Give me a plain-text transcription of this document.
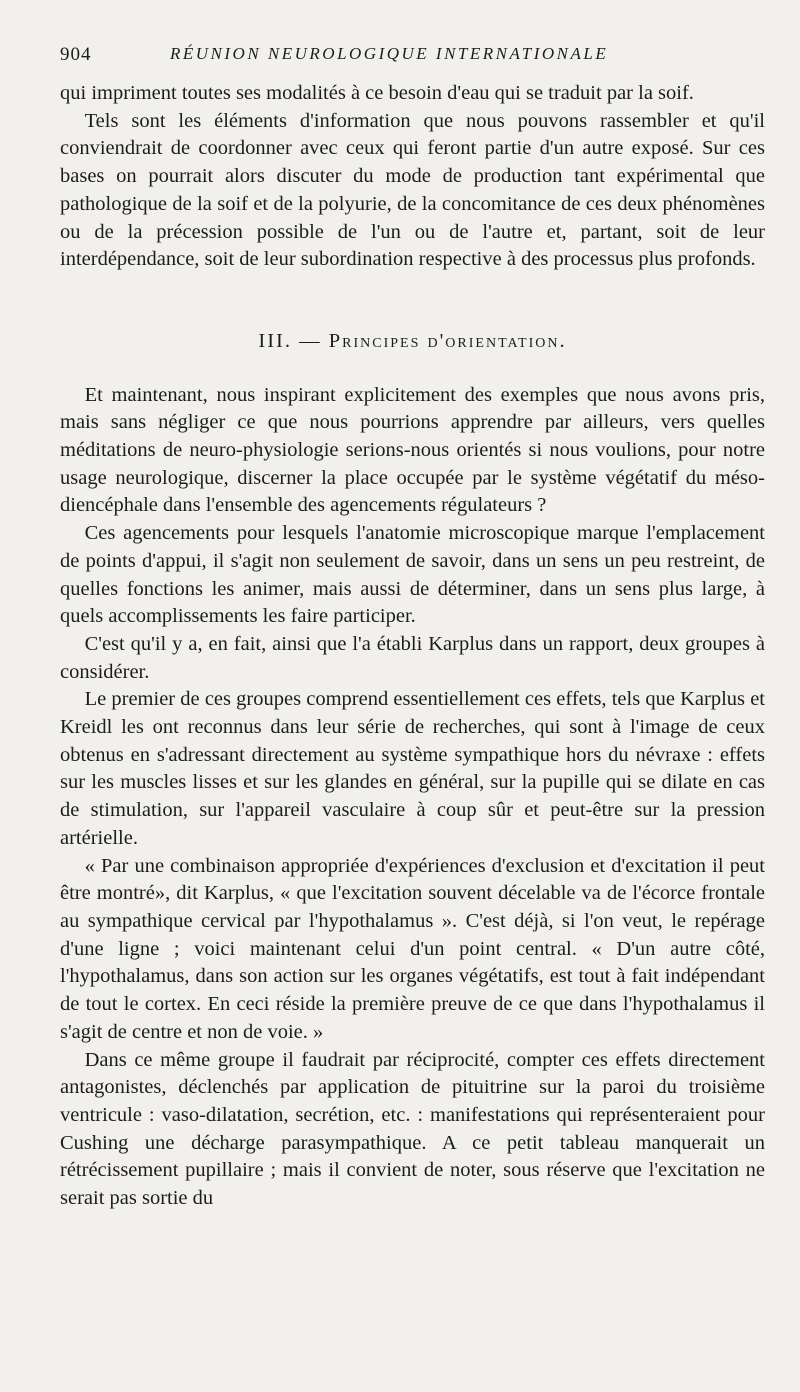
904	RÉUNION NEUROLOGIQUE INTERNATIONALE

qui impriment toutes ses modalités à ce besoin d'eau qui se traduit par la soif.

Tels sont les éléments d'information que nous pouvons rassembler et qu'il conviendrait de coordonner avec ceux qui feront partie d'un autre exposé. Sur ces bases on pourrait alors discuter du mode de production tant expérimental que pathologique de la soif et de la polyurie, de la concomitance de ces deux phénomènes ou de la précession possible de l'un ou de l'autre et, partant, soit de leur interdépendance, soit de leur subordination respective à des processus plus profonds.

III. — Principes d'orientation.

Et maintenant, nous inspirant explicitement des exemples que nous avons pris, mais sans négliger ce que nous pourrions apprendre par ailleurs, vers quelles méditations de neuro-physiologie serions-nous orientés si nous voulions, pour notre usage neurologique, discerner la place occupée par le système végétatif du méso-diencéphale dans l'ensemble des agencements régulateurs ?

Ces agencements pour lesquels l'anatomie microscopique marque l'emplacement de points d'appui, il s'agit non seulement de savoir, dans un sens un peu restreint, de quelles fonctions les animer, mais aussi de déterminer, dans un sens plus large, à quels accomplissements les faire participer.

C'est qu'il y a, en fait, ainsi que l'a établi Karplus dans un rapport, deux groupes à considérer.

Le premier de ces groupes comprend essentiellement ces effets, tels que Karplus et Kreidl les ont reconnus dans leur série de recherches, qui sont à l'image de ceux obtenus en s'adressant directement au système sympathique hors du névraxe : effets sur les muscles lisses et sur les glandes en général, sur la pupille qui se dilate en cas de stimulation, sur l'appareil vasculaire à coup sûr et peut-être sur la pression artérielle.

« Par une combinaison appropriée d'expériences d'exclusion et d'excitation il peut être montré», dit Karplus, « que l'excitation souvent décelable va de l'écorce frontale au sympathique cervical par l'hypothalamus ». C'est déjà, si l'on veut, le repérage d'une ligne ; voici maintenant celui d'un point central. « D'un autre côté, l'hypothalamus, dans son action sur les organes végétatifs, est tout à fait indépendant de tout le cortex. En ceci réside la première preuve de ce que dans l'hypothalamus il s'agit de centre et non de voie. »

Dans ce même groupe il faudrait par réciprocité, compter ces effets directement antagonistes, déclenchés par application de pituitrine sur la paroi du troisième ventricule : vaso-dilatation, secrétion, etc. : manifestations qui représenteraient pour Cushing une décharge parasympathique. A ce petit tableau manquerait un rétrécissement pupillaire ; mais il convient de noter, sous réserve que l'excitation ne serait pas sortie du
